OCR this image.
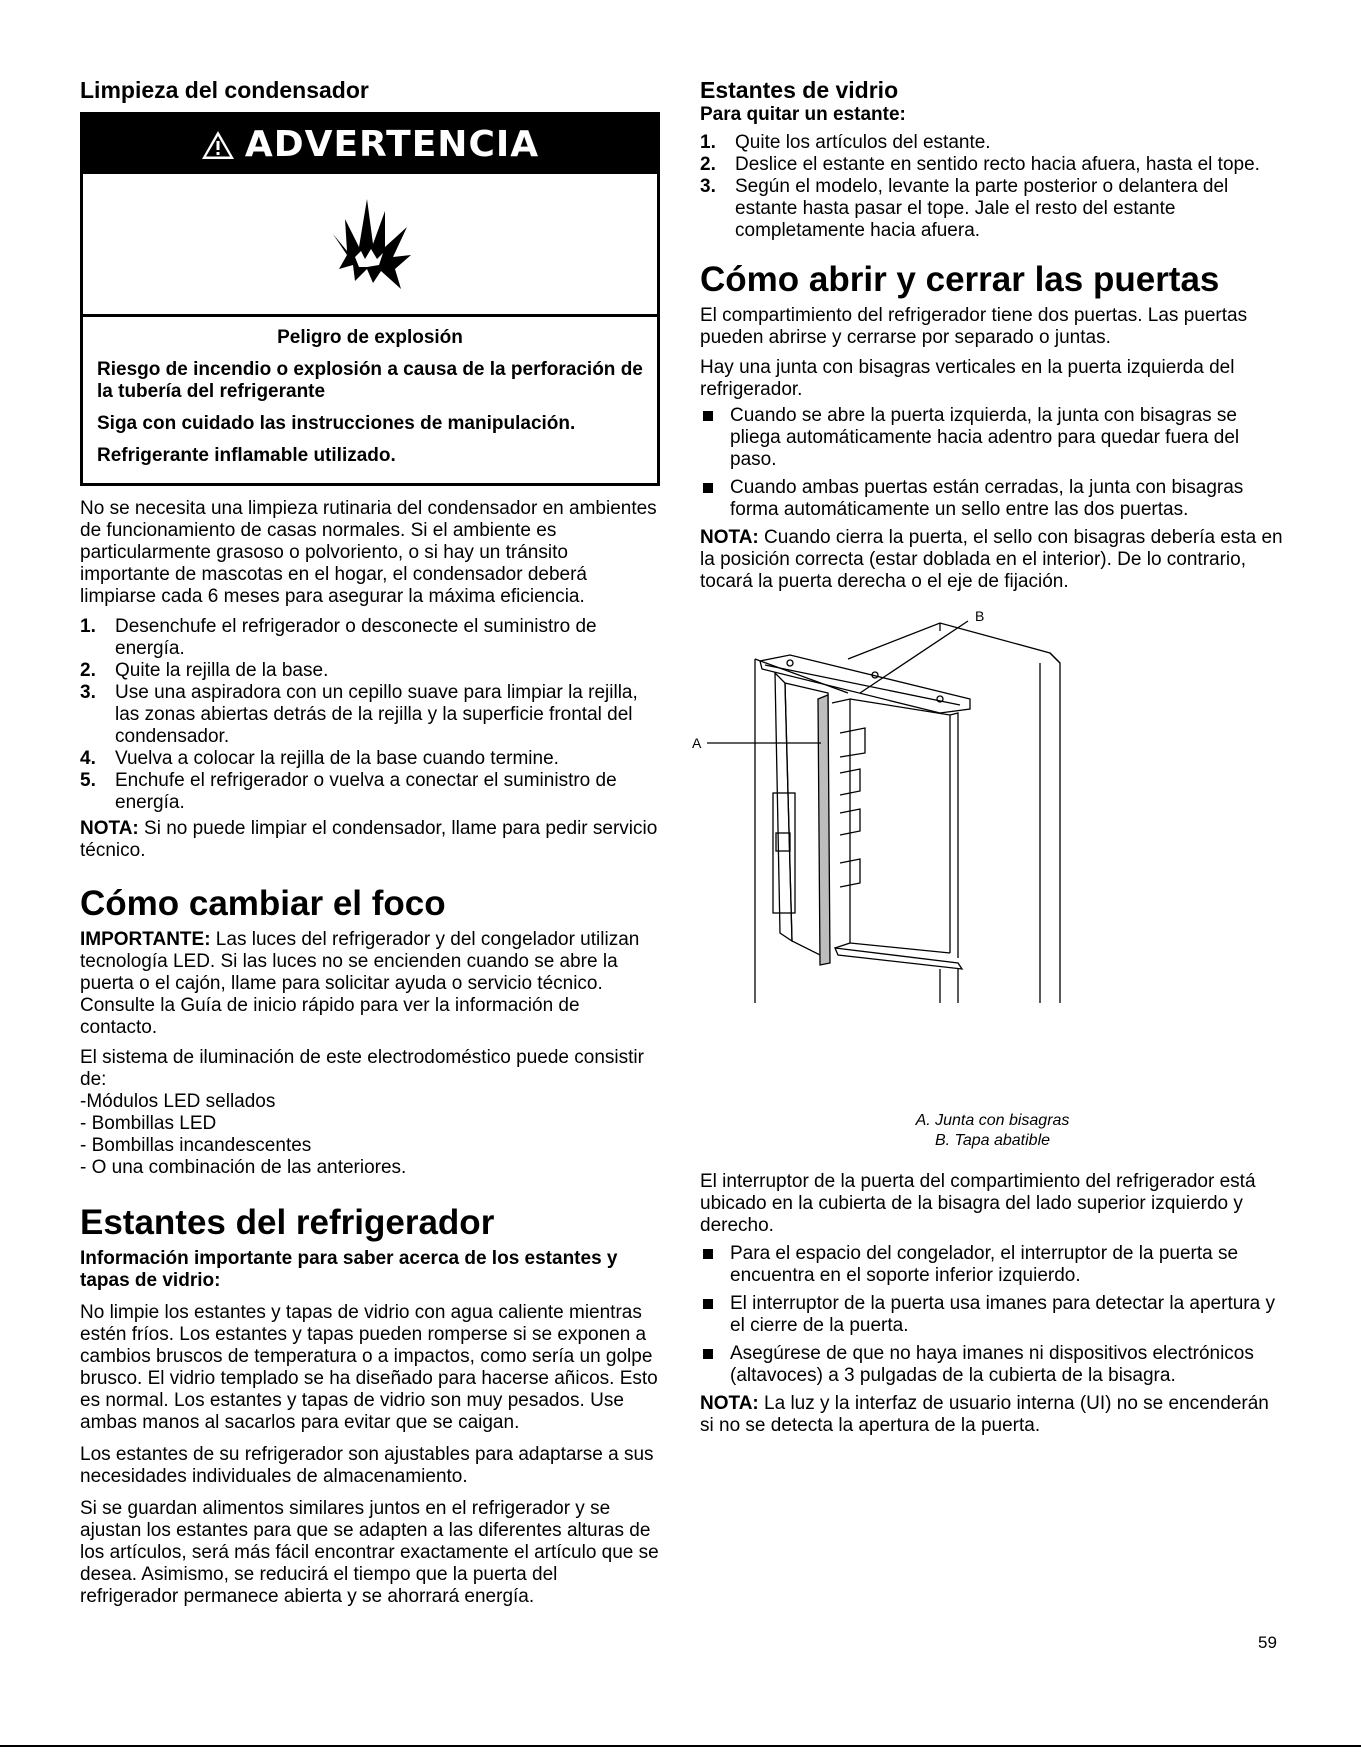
Limpieza del condensador
ADVERTENCIA
Peligro de explosión
Riesgo de incendio o explosión a causa de la perforación de la tubería del refrigerante
Siga con cuidado las instrucciones de manipulación.
Refrigerante inflamable utilizado.

No se necesita una limpieza rutinaria del condensador en ambientes de funcionamiento de casas normales. Si el ambiente es particularmente grasoso o polvoriento, o si hay un tránsito importante de mascotas en el hogar, el condensador deberá limpiarse cada 6 meses para asegurar la máxima eficiencia.

1. Desenchufe el refrigerador o desconecte el suministro de energía.
2. Quite la rejilla de la base.
3. Use una aspiradora con un cepillo suave para limpiar la rejilla, las zonas abiertas detrás de la rejilla y la superficie frontal del condensador.
4. Vuelva a colocar la rejilla de la base cuando termine.
5. Enchufe el refrigerador o vuelva a conectar el suministro de energía.

NOTA: Si no puede limpiar el condensador, llame para pedir servicio técnico.

Cómo cambiar el foco

IMPORTANTE: Las luces del refrigerador y del congelador utilizan tecnología LED. Si las luces no se encienden cuando se abre la puerta o el cajón, llame para solicitar ayuda o servicio técnico. Consulte la Guía de inicio rápido para ver la información de contacto.

El sistema de iluminación de este electrodoméstico puede consistir de:

-Módulos LED sellados
- Bombillas LED
- Bombillas incandescentes
- O una combinación de las anteriores.
Estantes del refrigerador
Información importante para saber acerca de los estantes y tapas de vidrio:

No limpie los estantes y tapas de vidrio con agua caliente mientras estén fríos. Los estantes y tapas pueden romperse si se exponen a cambios bruscos de temperatura o a impactos, como sería un golpe brusco. El vidrio templado se ha diseñado para hacerse añicos. Esto es normal. Los estantes y tapas de vidrio son muy pesados. Use ambas manos al sacarlos para evitar que se caigan.

Los estantes de su refrigerador son ajustables para adaptarse a sus necesidades individuales de almacenamiento.

Si se guardan alimentos similares juntos en el refrigerador y se ajustan los estantes para que se adapten a las diferentes alturas de los artículos, será más fácil encontrar exactamente el artículo que se desea. Asimismo, se reducirá el tiempo que la puerta del refrigerador permanece abierta y se ahorrará energía.

Estantes de vidrio
Para quitar un estante:
1. Quite los artículos del estante.
2. Deslice el estante en sentido recto hacia afuera, hasta el tope.
3. Según el modelo, levante la parte posterior o delantera del estante hasta pasar el tope. Jale el resto del estante completamente hacia afuera.
Cómo abrir y cerrar las puertas

El compartimiento del refrigerador tiene dos puertas. Las puertas pueden abrirse y cerrarse por separado o juntas.

Hay una junta con bisagras verticales en la puerta izquierda del refrigerador.

Cuando se abre la puerta izquierda, la junta con bisagras se pliega automáticamente hacia adentro para quedar fuera del paso.
Cuando ambas puertas están cerradas, la junta con bisagras forma automáticamente un sello entre las dos puertas.

NOTA: Cuando cierra la puerta, el sello con bisagras debería esta en la posición correcta (estar doblada en el interior). De lo contrario, tocará la puerta derecha o el eje de fijación.

B
A
A. Junta con bisagras
B. Tapa abatible

El interruptor de la puerta del compartimiento del refrigerador está ubicado en la cubierta de la bisagra del lado superior izquierdo y derecho.

Para el espacio del congelador, el interruptor de la puerta se encuentra en el soporte inferior izquierdo.
El interruptor de la puerta usa imanes para detectar la apertura y el cierre de la puerta.
Asegúrese de que no haya imanes ni dispositivos electrónicos (altavoces) a 3 pulgadas de la cubierta de la bisagra.

NOTA: La luz y la interfaz de usuario interna (UI) no se encenderán si no se detecta la apertura de la puerta.

59
